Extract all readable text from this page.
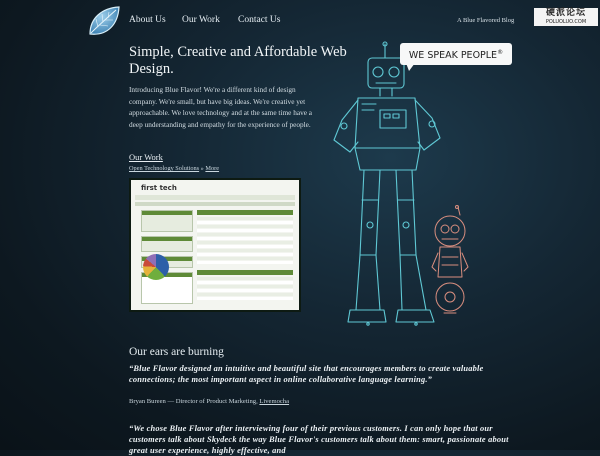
About Us Our Work Contact Us	A Blue Flavored Blog
硬派论坛
POLUOLUO.COM
Simple, Creative and Affordable Web Design.

Introducing Blue Flavor! We're a different kind of design company. We're small, but have big ideas. We're creative yet approachable. We love technology and at the same time have a deep understanding and empathy for the experience of people.

Our Work
Open Technology Solutions » More
first tech
WE SPEAK PEOPLE®
Our ears are burning
“Blue Flavor designed an intuitive and beautiful site that encourages members to create valuable connections; the most important aspect in online collaborative language learning.”
Bryan Bureen — Director of Product Marketing, Livemocha
“We chose Blue Flavor after interviewing four of their previous customers. I can only hope that our customers talk about Skydeck the way Blue Flavor's customers talk about them: smart, passionate about great user experience, highly effective, and
